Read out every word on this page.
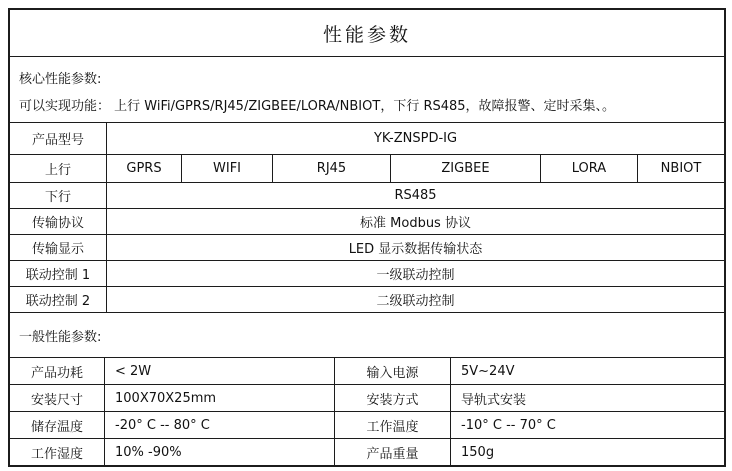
性能参数
核心性能参数:
可以实现功能： 上行 WiFi/GPRS/RJ45/ZIGBEE/LORA/NBIOT，下行 RS485，故障报警、定时采集、。
产品型号	YK-ZNSPD-IG
上行	GPRS	WIFI	RJ45	ZIGBEE	LORA	NBIOT
下行	RS485
传输协议	标准 Modbus 协议
传输显示	LED 显示数据传输状态
联动控制 1	一级联动控制
联动控制 2	二级联动控制
一般性能参数:
产品功耗	< 2W	输入电源	5V~24V
安装尺寸	100X70X25mm	安装方式	导轨式安装
储存温度	-20° C -- 80° C	工作温度	-10° C -- 70° C
工作湿度	10% -90%	产品重量	150g
